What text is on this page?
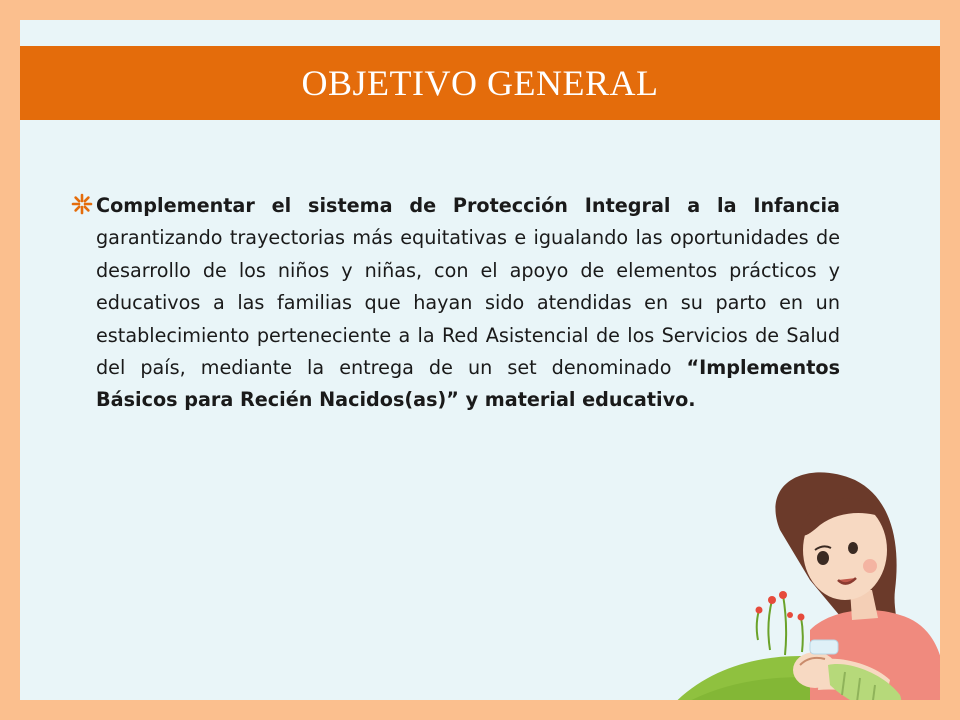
OBJETIVO GENERAL

Complementar el sistema de Protección Integral a la Infancia garantizando trayectorias más equitativas e igualando las oportunidades de desarrollo de los niños y niñas, con el apoyo de elementos prácticos y educativos a las familias que hayan sido atendidas en su parto en un establecimiento perteneciente a la Red Asistencial de los Servicios de Salud del país, mediante la entrega de un set denominado “Implementos Básicos para Recién Nacidos(as)” y material educativo.
